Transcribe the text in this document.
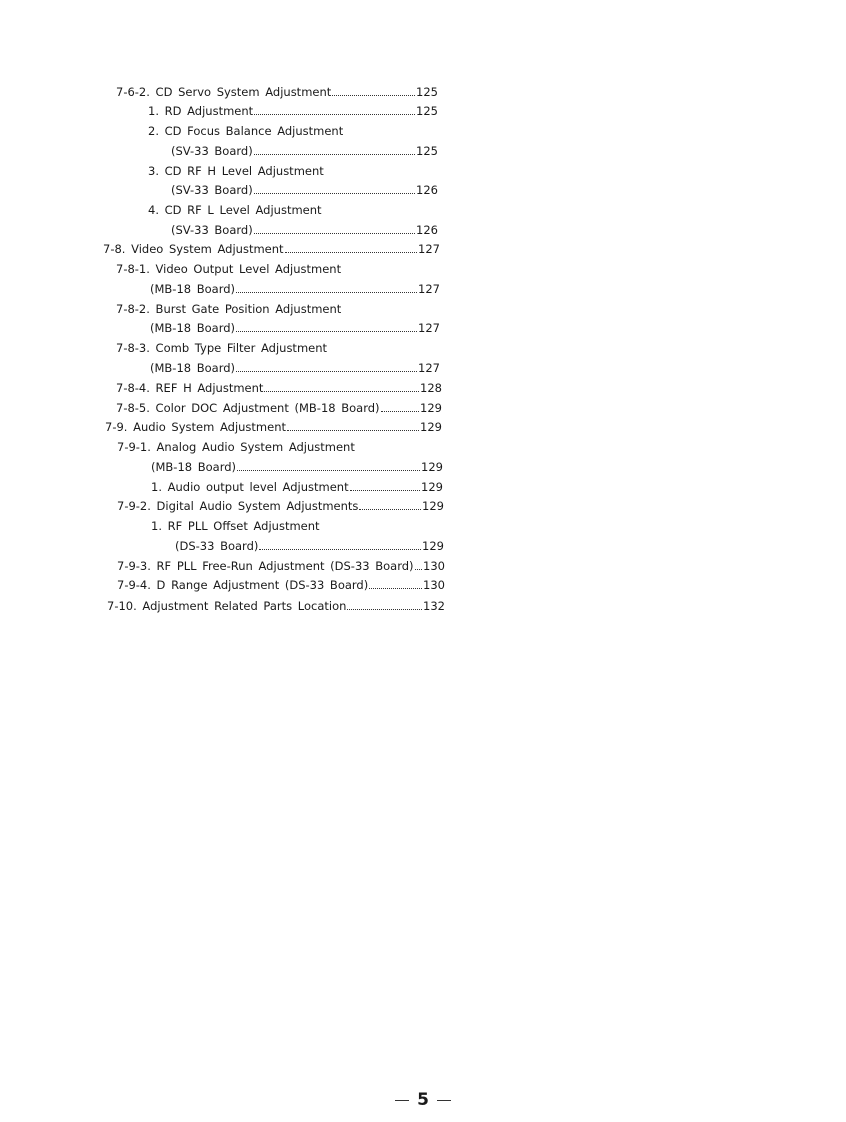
7-6-2. CD Servo System Adjustment	125
1. RD Adjustment	125
2. CD Focus Balance Adjustment
(SV-33 Board)	125
3. CD RF H Level Adjustment
(SV-33 Board)	126
4. CD RF L Level Adjustment
(SV-33 Board)	126
7-8. Video System Adjustment	127
7-8-1. Video Output Level Adjustment
(MB-18 Board)	127
7-8-2. Burst Gate Position Adjustment
(MB-18 Board)	127
7-8-3. Comb Type Filter Adjustment
(MB-18 Board)	127
7-8-4. REF H Adjustment	128
7-8-5. Color DOC Adjustment (MB-18 Board)	129
7-9. Audio System Adjustment	129
7-9-1. Analog Audio System Adjustment
(MB-18 Board)	129
1. Audio output level Adjustment	129
7-9-2. Digital Audio System Adjustments	129
1. RF PLL Offset Adjustment
(DS-33 Board)	129
7-9-3. RF PLL Free-Run Adjustment (DS-33 Board) 130
7-9-4. D Range Adjustment (DS-33 Board)	130
7-10. Adjustment Related Parts Location	132
5
